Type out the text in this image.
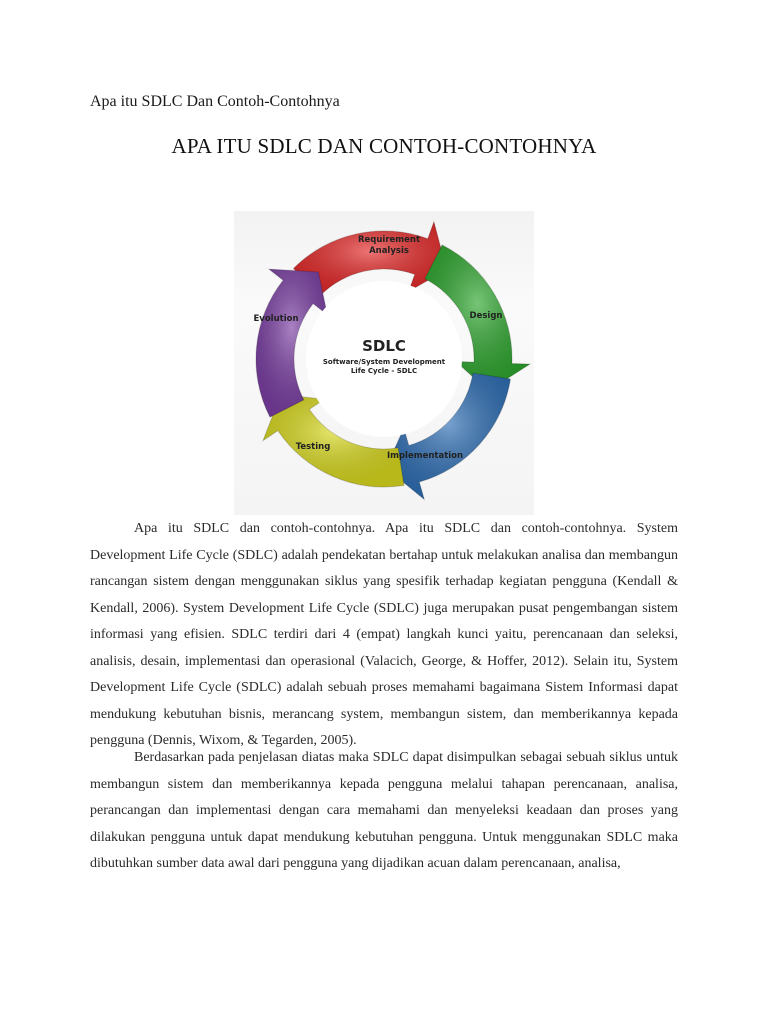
Apa itu SDLC Dan Contoh-Contohnya
APA ITU SDLC DAN CONTOH-CONTOHNYA
SDLC
Software/System Development
Life Cycle - SDLC
Requirement
Analysis
Design
Implementation
Testing
Evolution

Apa itu SDLC dan contoh-contohnya. Apa itu SDLC dan contoh-contohnya. System Development Life Cycle (SDLC) adalah pendekatan bertahap untuk melakukan analisa dan membangun rancangan sistem dengan menggunakan siklus yang spesifik terhadap kegiatan pengguna (Kendall & Kendall, 2006). System Development Life Cycle (SDLC) juga merupakan pusat pengembangan sistem informasi yang efisien. SDLC terdiri dari 4 (empat) langkah kunci yaitu, perencanaan dan seleksi, analisis, desain, implementasi dan operasional (Valacich, George, & Hoffer, 2012). Selain itu, System Development Life Cycle (SDLC) adalah sebuah proses memahami bagaimana Sistem Informasi dapat mendukung kebutuhan bisnis, merancang system, membangun sistem, dan memberikannya kepada pengguna (Dennis, Wixom, & Tegarden, 2005).

Berdasarkan pada penjelasan diatas maka SDLC dapat disimpulkan sebagai sebuah siklus untuk membangun sistem dan memberikannya kepada pengguna melalui tahapan perencanaan, analisa, perancangan dan implementasi dengan cara memahami dan menyeleksi keadaan dan proses yang dilakukan pengguna untuk dapat mendukung kebutuhan pengguna. Untuk menggunakan SDLC maka dibutuhkan sumber data awal dari pengguna yang dijadikan acuan dalam perencanaan, analisa,
